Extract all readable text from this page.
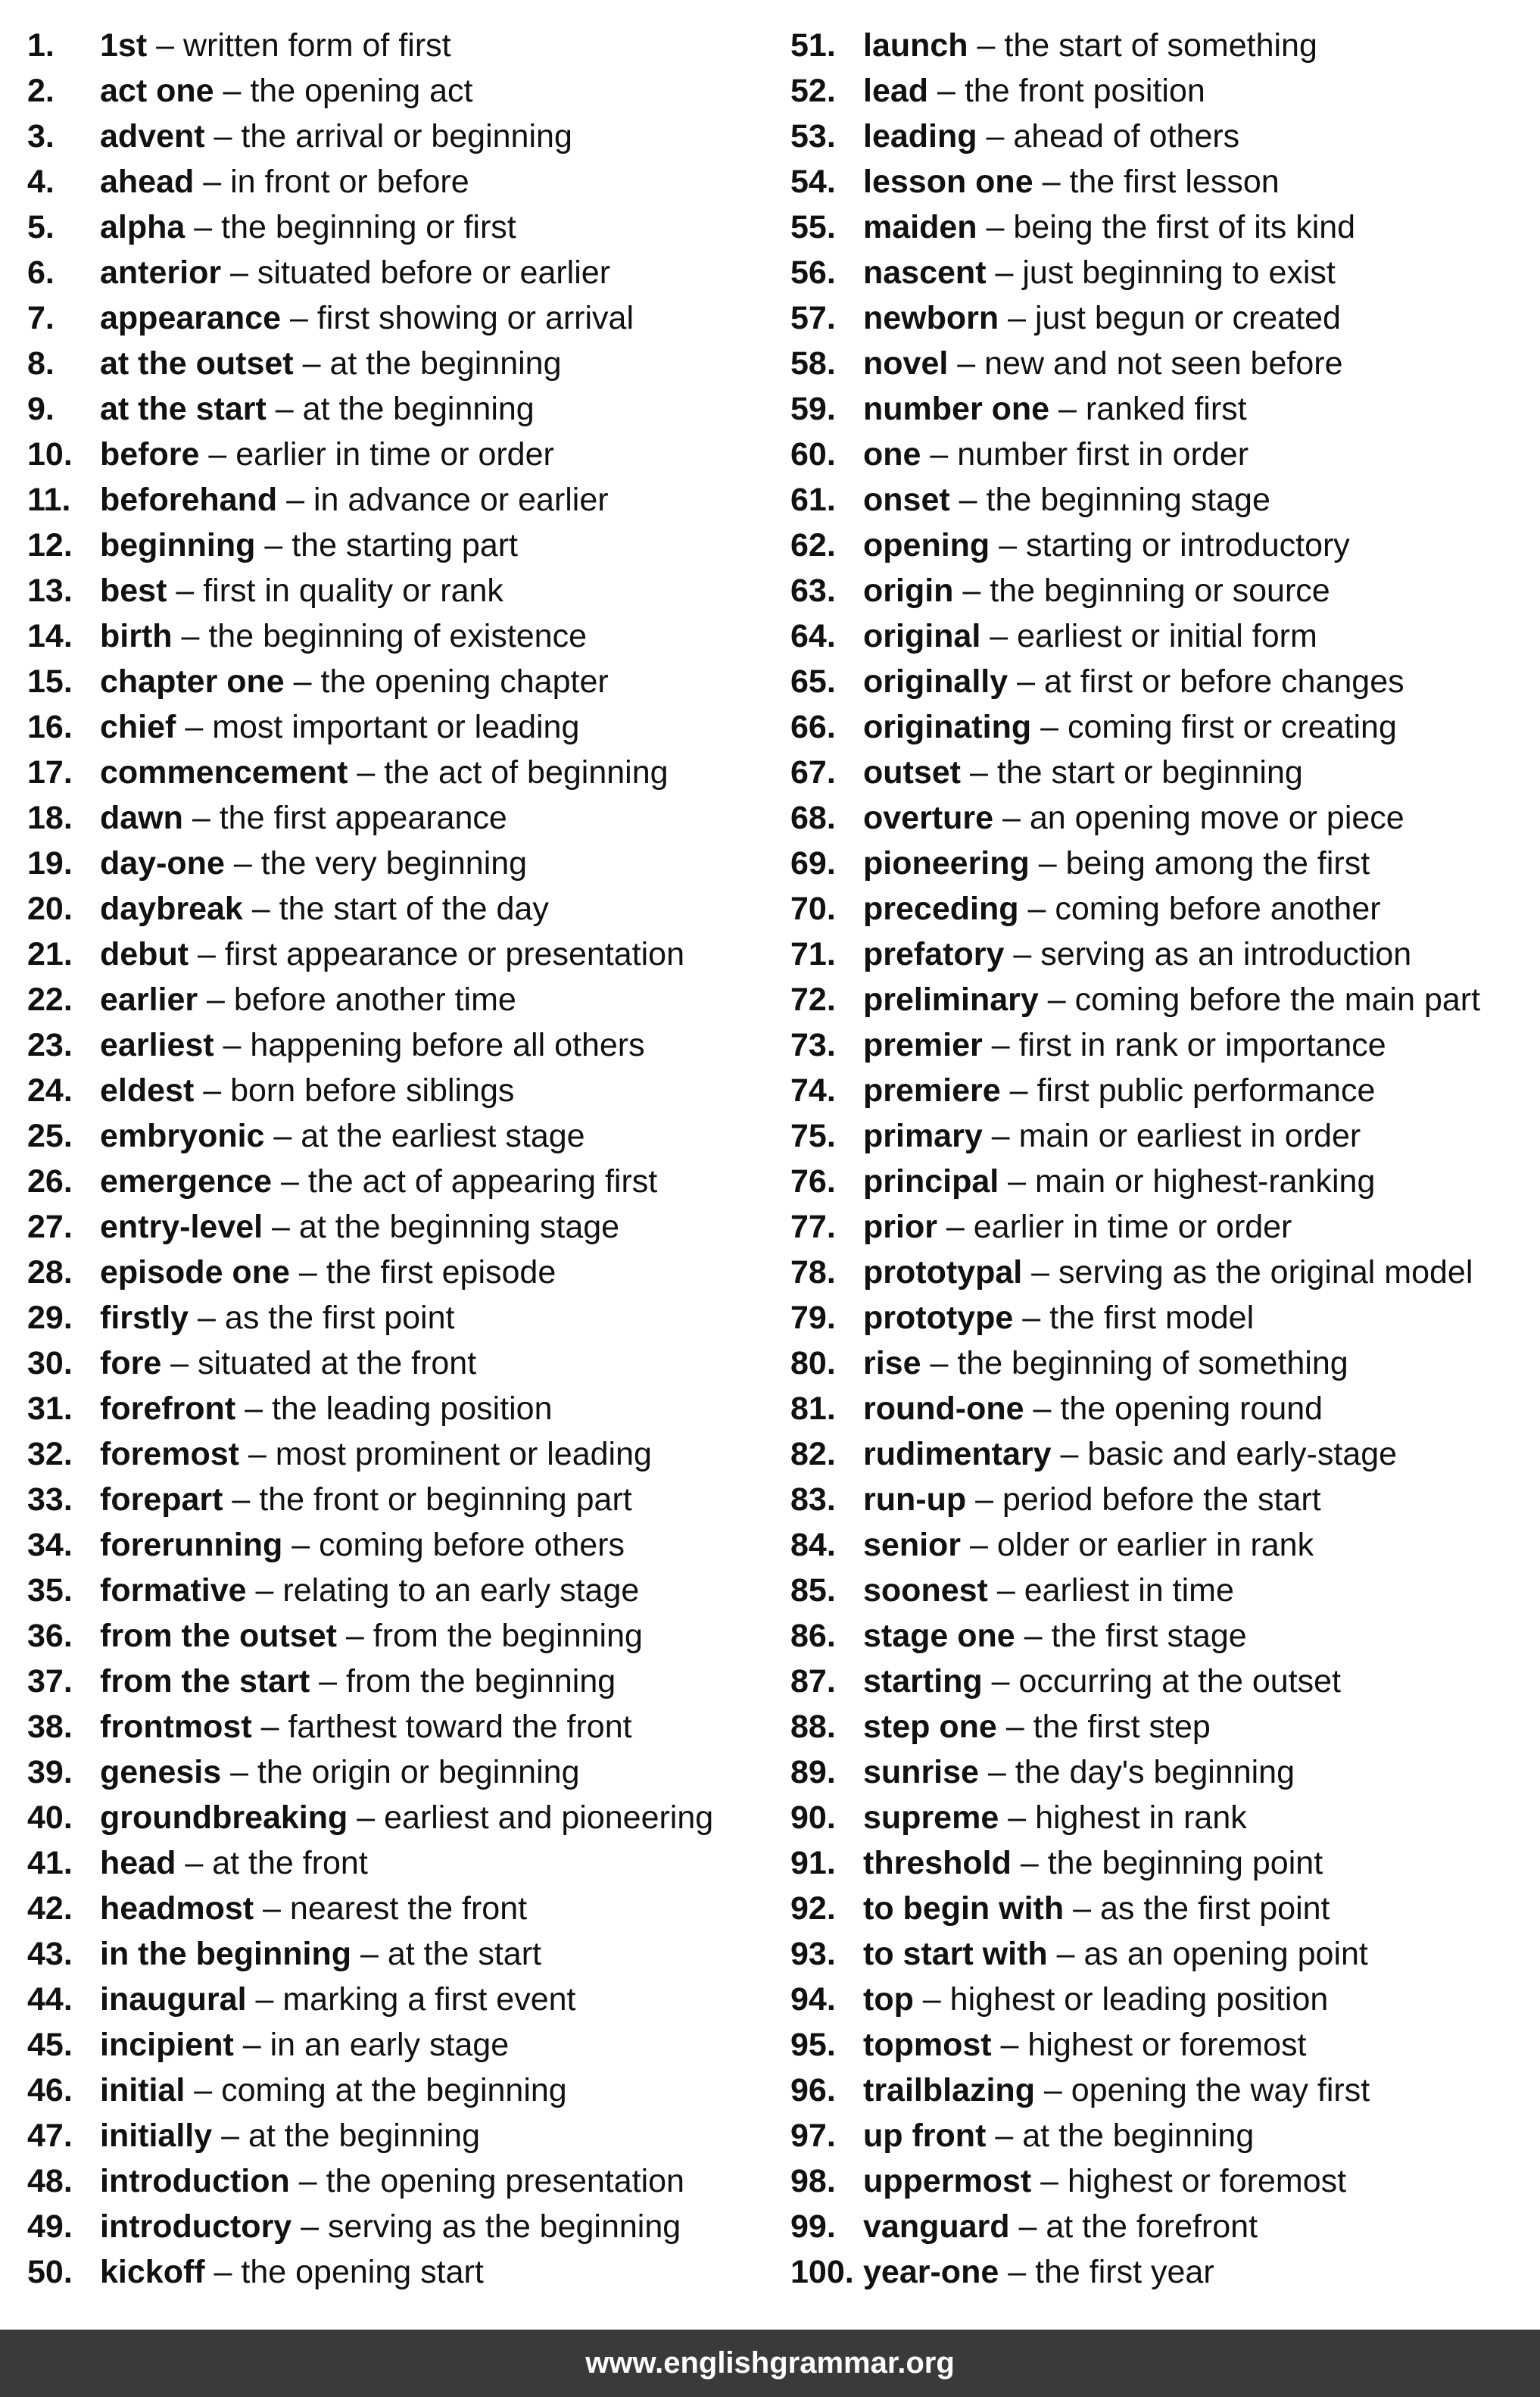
1. 1st – written form of first
2. act one – the opening act
3. advent – the arrival or beginning
4. ahead – in front or before
5. alpha – the beginning or first
6. anterior – situated before or earlier
7. appearance – first showing or arrival
8. at the outset – at the beginning
9. at the start – at the beginning
10. before – earlier in time or order
11. beforehand – in advance or earlier
12. beginning – the starting part
13. best – first in quality or rank
14. birth – the beginning of existence
15. chapter one – the opening chapter
16. chief – most important or leading
17. commencement – the act of beginning
18. dawn – the first appearance
19. day-one – the very beginning
20. daybreak – the start of the day
21. debut – first appearance or presentation
22. earlier – before another time
23. earliest – happening before all others
24. eldest – born before siblings
25. embryonic – at the earliest stage
26. emergence – the act of appearing first
27. entry-level – at the beginning stage
28. episode one – the first episode
29. firstly – as the first point
30. fore – situated at the front
31. forefront – the leading position
32. foremost – most prominent or leading
33. forepart – the front or beginning part
34. forerunning – coming before others
35. formative – relating to an early stage
36. from the outset – from the beginning
37. from the start – from the beginning
38. frontmost – farthest toward the front
39. genesis – the origin or beginning
40. groundbreaking – earliest and pioneering
41. head – at the front
42. headmost – nearest the front
43. in the beginning – at the start
44. inaugural – marking a first event
45. incipient – in an early stage
46. initial – coming at the beginning
47. initially – at the beginning
48. introduction – the opening presentation
49. introductory – serving as the beginning
50. kickoff – the opening start
51. launch – the start of something
52. lead – the front position
53. leading – ahead of others
54. lesson one – the first lesson
55. maiden – being the first of its kind
56. nascent – just beginning to exist
57. newborn – just begun or created
58. novel – new and not seen before
59. number one – ranked first
60. one – number first in order
61. onset – the beginning stage
62. opening – starting or introductory
63. origin – the beginning or source
64. original – earliest or initial form
65. originally – at first or before changes
66. originating – coming first or creating
67. outset – the start or beginning
68. overture – an opening move or piece
69. pioneering – being among the first
70. preceding – coming before another
71. prefatory – serving as an introduction
72. preliminary – coming before the main part
73. premier – first in rank or importance
74. premiere – first public performance
75. primary – main or earliest in order
76. principal – main or highest-ranking
77. prior – earlier in time or order
78. prototypal – serving as the original model
79. prototype – the first model
80. rise – the beginning of something
81. round-one – the opening round
82. rudimentary – basic and early-stage
83. run-up – period before the start
84. senior – older or earlier in rank
85. soonest – earliest in time
86. stage one – the first stage
87. starting – occurring at the outset
88. step one – the first step
89. sunrise – the day's beginning
90. supreme – highest in rank
91. threshold – the beginning point
92. to begin with – as the first point
93. to start with – as an opening point
94. top – highest or leading position
95. topmost – highest or foremost
96. trailblazing – opening the way first
97. up front – at the beginning
98. uppermost – highest or foremost
99. vanguard – at the forefront
100. year-one – the first year
www.englishgrammar.org
